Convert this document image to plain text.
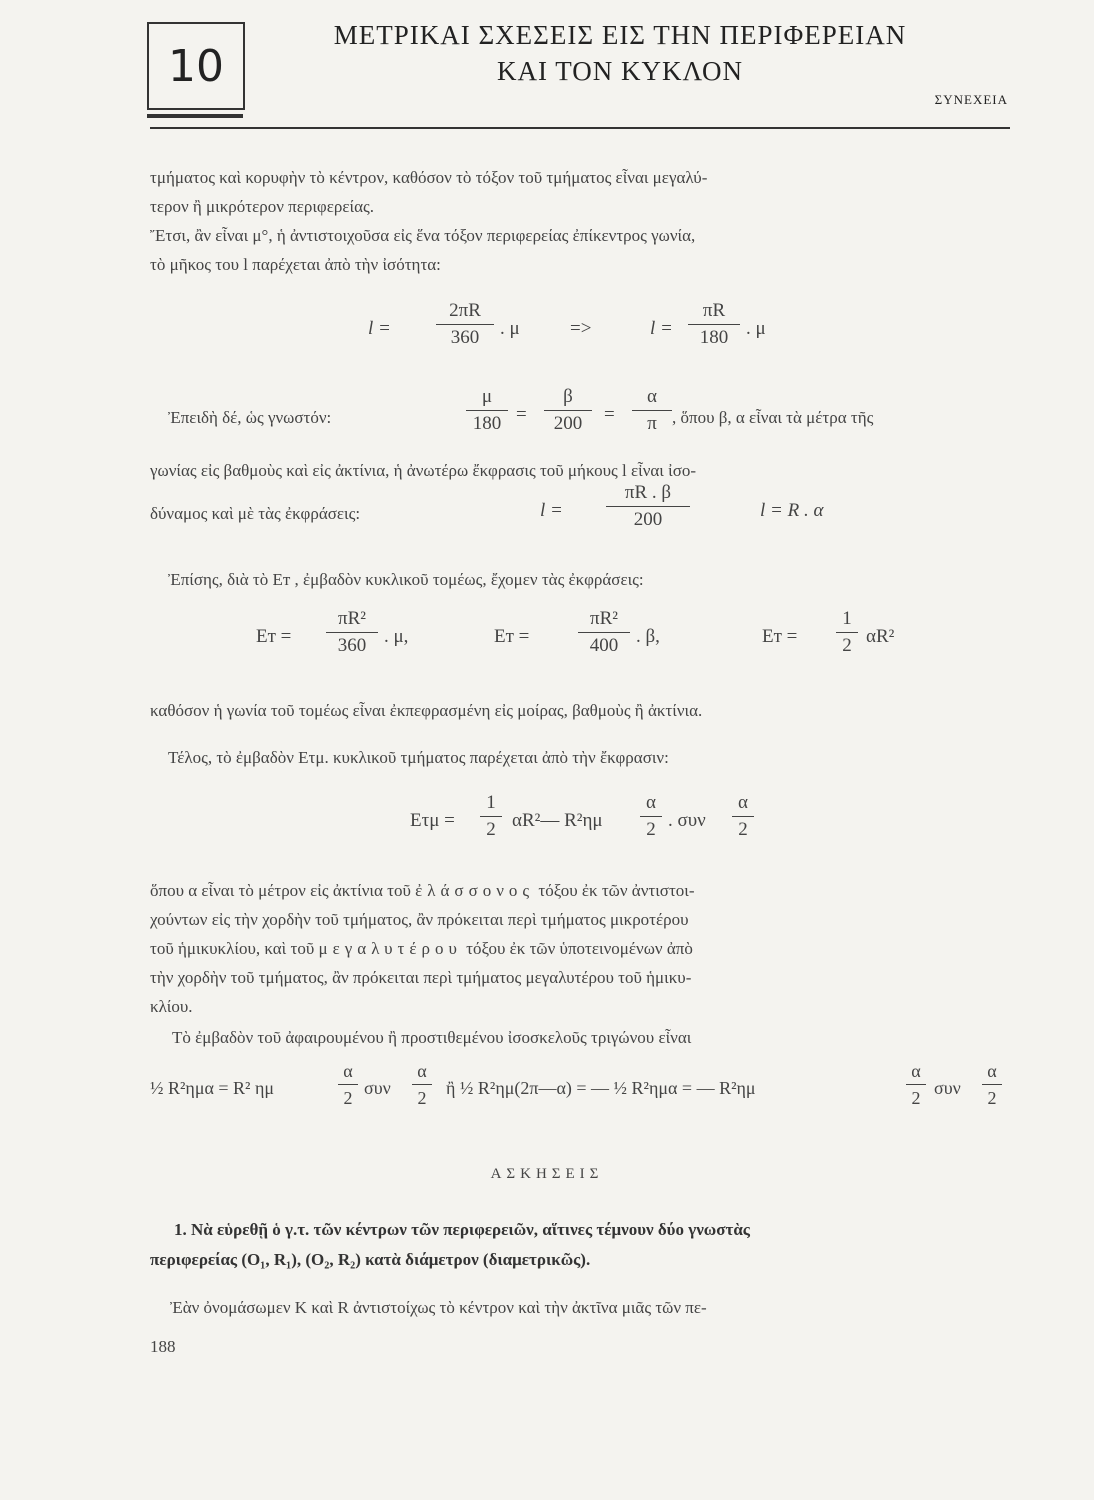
10
ΜΕΤΡΙΚΑΙ ΣΧΕΣΕΙΣ ΕΙΣ ΤΗΝ ΠΕΡΙΦΕΡΕΙΑΝ
ΚΑΙ ΤΟΝ ΚΥΚΛΟΝ
ΣΥΝΕΧΕΙΑ
τμήματος καὶ κορυφὴν τὸ κέντρον, καθόσον τὸ τόξον τοῦ τμήματος εἶναι μεγαλύ-
τερον ἢ μικρότερον περιφερείας.
Ἔτσι, ἂν εἶναι μ°, ἡ ἀντιστοιχοῦσα εἰς ἕνα τόξον περιφερείας ἐπίκεντρος γωνία,
τὸ μῆκος του l παρέχεται ἀπὸ τὴν ἰσότητα:
l =
2πR
360	. μ	=>	l =
πR
180 . μ
Ἐπειδὴ δέ, ὡς γνωστόν:
μ
180 =
β
200	=
α
π , ὅπου β, α εἶναι τὰ μέτρα τῆς
γωνίας εἰς βαθμοὺς καὶ εἰς ἀκτίνια, ἡ ἀνωτέρω ἔκφρασις τοῦ μήκους l εἶναι ἰσο-
δύναμος καὶ μὲ τὰς ἐκφράσεις:	l =
πR . β
200	l = R . α
Ἐπίσης, διὰ τὸ Eᴛ , ἐμβαδὸν κυκλικοῦ τομέως, ἔχομεν τὰς ἐκφράσεις:
Eᴛ =
πR²
360 . μ,	Eᴛ =
πR²
400 . β,	Eᴛ =
1
2 αR²
καθόσον ἡ γωνία τοῦ τομέως εἶναι ἐκπεφρασμένη εἰς μοίρας, βαθμοὺς ἢ ἀκτίνια.
Τέλος, τὸ ἐμβαδὸν Eτμ. κυκλικοῦ τμήματος παρέχεται ἀπὸ τὴν ἔκφρασιν:
Eτμ =
1
2 αR²— R²ημ
α
2 . συν
α
2
ὅπου α εἶναι τὸ μέτρον εἰς ἀκτίνια τοῦ ἐλάσσονος τόξου ἐκ τῶν ἀντιστοι-
χούντων εἰς τὴν χορδὴν τοῦ τμήματος, ἂν πρόκειται περὶ τμήματος μικροτέρου
τοῦ ἡμικυκλίου, καὶ τοῦ μεγαλυτέρου τόξου ἐκ τῶν ὑποτεινομένων ἀπὸ
τὴν χορδὴν τοῦ τμήματος, ἂν πρόκειται περὶ τμήματος μεγαλυτέρου τοῦ ἡμικυ-
κλίου.
Τὸ ἐμβαδὸν τοῦ ἀφαιρουμένου ἢ προστιθεμένου ἰσοσκελοῦς τριγώνου εἶναι
½ R²ημα = R² ημ
α
2 συν
α
2	ἢ ½ R²ημ(2π—α) = — ½ R²ημα = — R²ημ
α
2 συν
α
2
ΑΣΚΗΣΕΙΣ
1. Νὰ εὑρεθῇ ὁ γ.τ. τῶν κέντρων τῶν περιφερειῶν, αἵτινες τέμνουν δύο γνωστὰς
περιφερείας (O₁, R₁), (O₂, R₂) κατὰ διάμετρον (διαμετρικῶς).
Ἐὰν ὀνομάσωμεν Κ καὶ R ἀντιστοίχως τὸ κέντρον καὶ τὴν ἀκτῖνα μιᾶς τῶν πε-
188
